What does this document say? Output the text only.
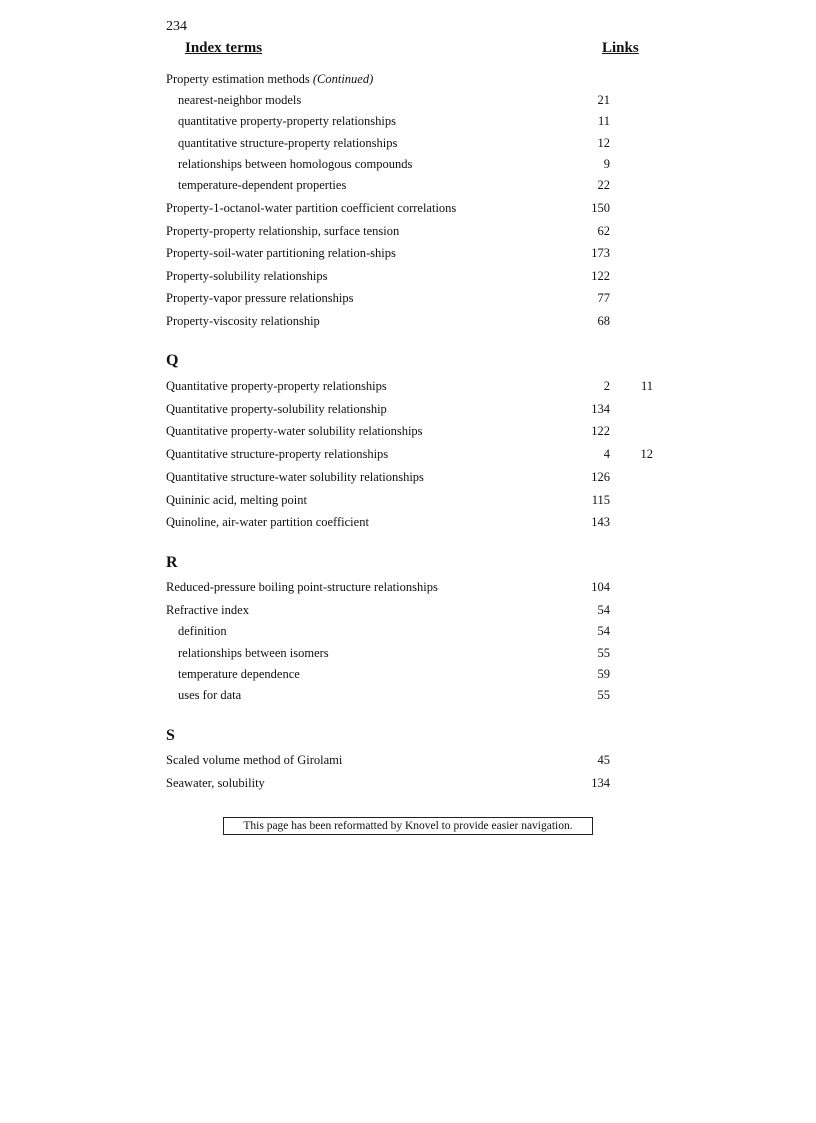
234
Index terms	Links
Property estimation methods (Continued)
nearest-neighbor models	21
quantitative property-property relationships	11
quantitative structure-property relationships	12
relationships between homologous compounds	9
temperature-dependent properties	22
Property-1-octanol-water partition coefficient correlations	150
Property-property relationship, surface tension	62
Property-soil-water partitioning relation-ships	173
Property-solubility relationships	122
Property-vapor pressure relationships	77
Property-viscosity relationship	68
Q
Quantitative property-property relationships	2 11
Quantitative property-solubility relationship	134
Quantitative property-water solubility relationships	122
Quantitative structure-property relationships	4 12
Quantitative structure-water solubility relationships	126
Quininic acid, melting point	115
Quinoline, air-water partition coefficient	143
R
Reduced-pressure boiling point-structure relationships	104
Refractive index	54
definition	54
relationships between isomers	55
temperature dependence	59
uses for data	55
S
Scaled volume method of Girolami	45
Seawater, solubility	134
This page has been reformatted by Knovel to provide easier navigation.
